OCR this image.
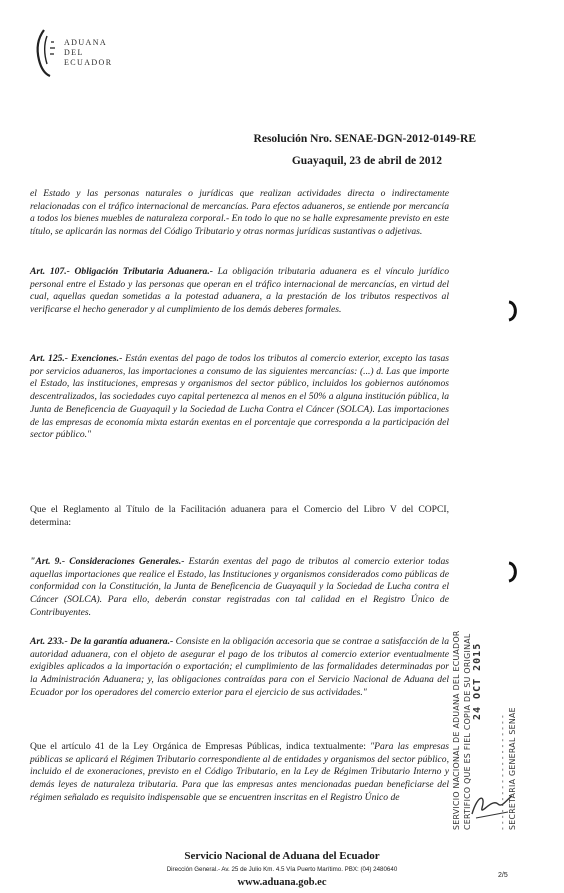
ADUANA
DEL
ECUADOR
Resolución Nro. SENAE-DGN-2012-0149-RE
Guayaquil, 23 de abril de 2012

el Estado y las personas naturales o jurídicas que realizan actividades directa o indirectamente relacionadas con el tráfico internacional de mercancías. Para efectos aduaneros, se entiende por mercancía a todos los bienes muebles de naturaleza corporal.- En todo lo que no se halle expresamente previsto en este título, se aplicarán las normas del Código Tributario y otras normas jurídicas sustantivas o adjetivas.

Art. 107.- Obligación Tributaria Aduanera.- La obligación tributaria aduanera es el vínculo jurídico personal entre el Estado y las personas que operan en el tráfico internacional de mercancías, en virtud del cual, aquellas quedan sometidas a la potestad aduanera, a la prestación de los tributos respectivos al verificarse el hecho generador y al cumplimiento de los demás deberes formales.

Art. 125.- Exenciones.- Están exentas del pago de todos los tributos al comercio exterior, excepto las tasas por servicios aduaneros, las importaciones a consumo de las siguientes mercancías: (...) d. Las que importe el Estado, las instituciones, empresas y organismos del sector público, incluidos los gobiernos autónomos descentralizados, las sociedades cuyo capital pertenezca al menos en el 50% a alguna institución pública, la Junta de Beneficencia de Guayaquil y la Sociedad de Lucha Contra el Cáncer (SOLCA). Las importaciones de las empresas de economía mixta estarán exentas en el porcentaje que corresponda a la participación del sector público."

Que el Reglamento al Título de la Facilitación aduanera para el Comercio del Libro V del COPCI, determina:

"Art. 9.- Consideraciones Generales.- Estarán exentas del pago de tributos al comercio exterior todas aquellas importaciones que realice el Estado, las Instituciones y organismos considerados como públicas de conformidad con la Constitución, la Junta de Beneficencia de Guayaquil y la Sociedad de Lucha contra el Cáncer (SOLCA). Para ello, deberán constar registradas con tal calidad en el Registro Único de Contribuyentes.

Art. 233.- De la garantía aduanera.- Consiste en la obligación accesoria que se contrae a satisfacción de la autoridad aduanera, con el objeto de asegurar el pago de los tributos al comercio exterior eventualmente exigibles aplicados a la importación o exportación; el cumplimiento de las formalidades determinadas por la Administración Aduanera; y, las obligaciones contraídas para con el Servicio Nacional de Aduana del Ecuador por los operadores del comercio exterior para el ejercicio de sus actividades."

Que el artículo 41 de la Ley Orgánica de Empresas Públicas, indica textualmente: "Para las empresas públicas se aplicará el Régimen Tributario correspondiente al de entidades y organismos del sector público, incluido el de exoneraciones, previsto en el Código Tributario, en la Ley de Régimen Tributario Interno y demás leyes de naturaleza tributaria. Para que las empresas antes mencionadas puedan beneficiarse del régimen señalado es requisito indispensable que se encuentren inscritas en el Registro Único de	SERVICIO NACIONAL DE ADUANA DEL ECUADOR CERTIFICO QUE ES FIEL COPIA DE SU ORIGINAL 24 OCT 2015
- - - - - - - - - - - - - - - - - - - - SECRETARIA GENERAL SENAE
Servicio Nacional de Aduana del Ecuador
Dirección General.- Av. 25 de Julio Km. 4.5 Vía Puerto Marítimo. PBX: (04) 2480640
www.aduana.gob.ec
2/5
